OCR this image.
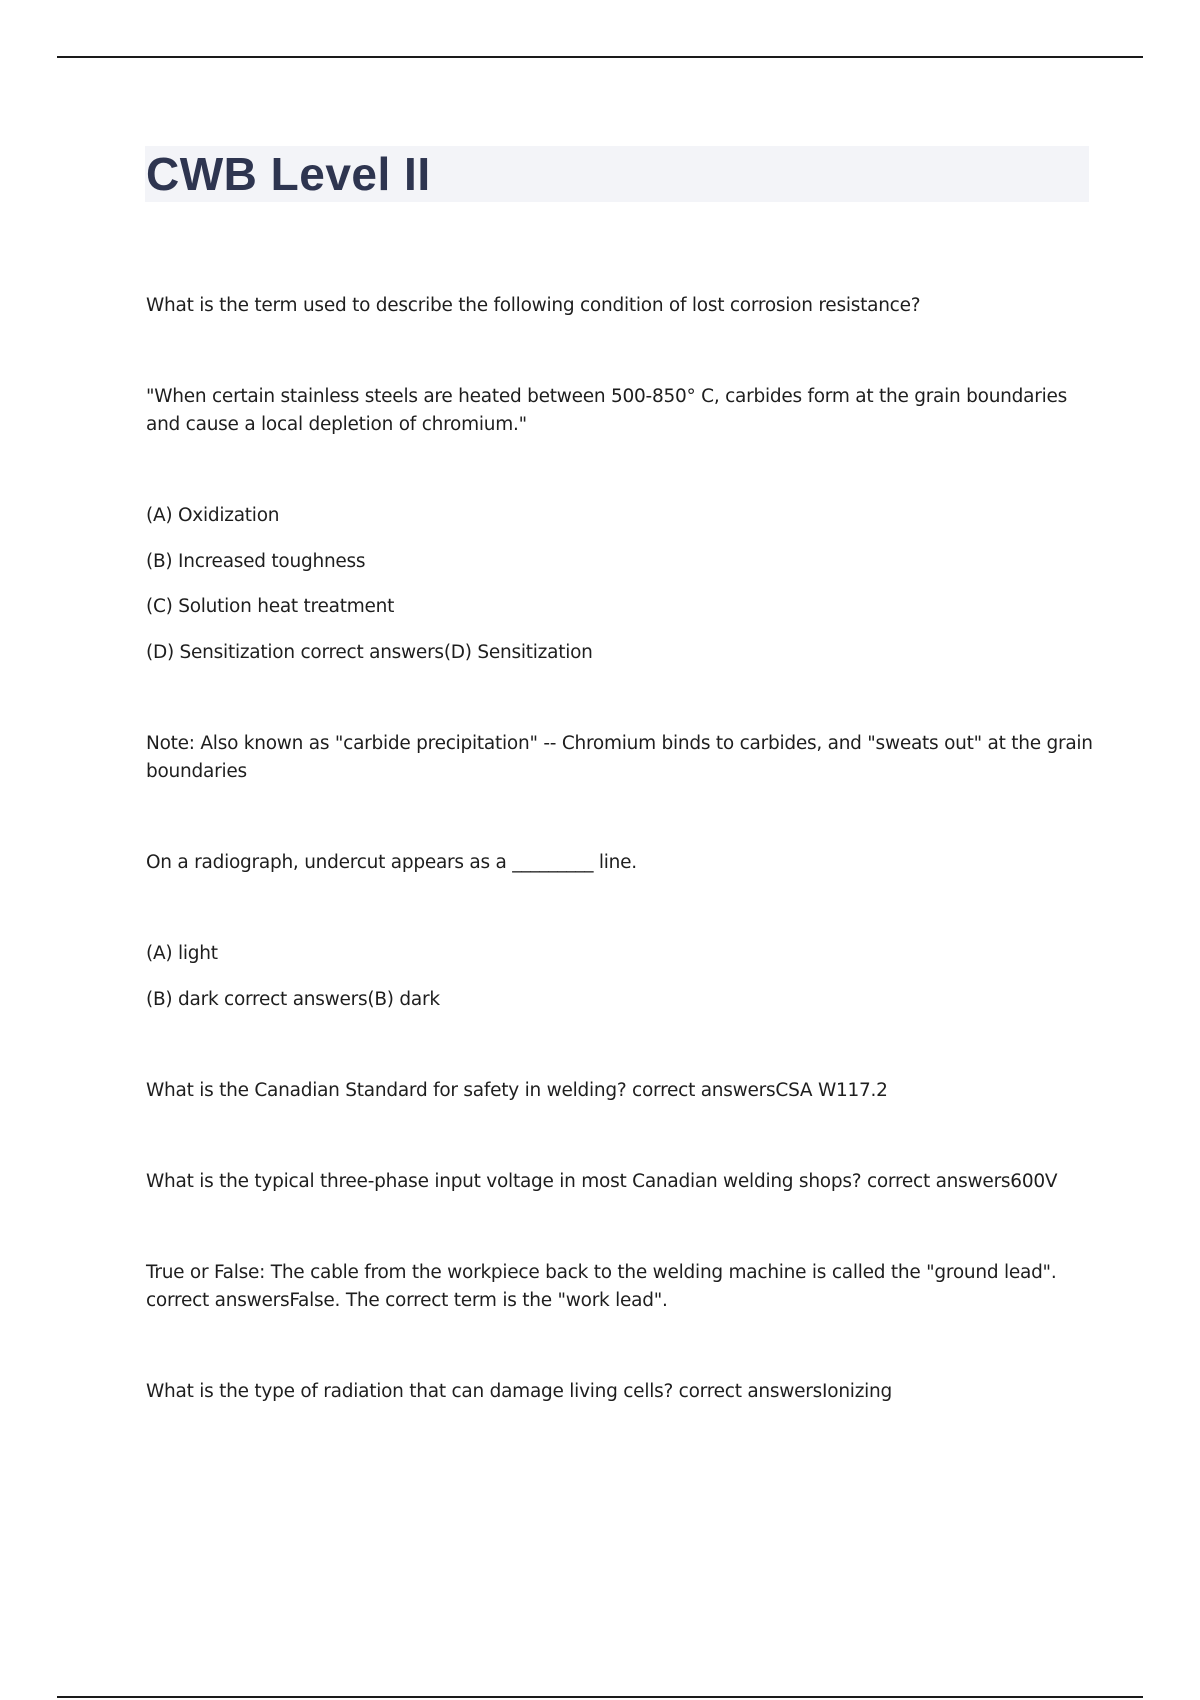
CWB Level II

What is the term used to describe the following condition of lost corrosion resistance?

"When certain stainless steels are heated between 500-850° C, carbides form at the grain boundaries and cause a local depletion of chromium."

(A) Oxidization

(B) Increased toughness

(C) Solution heat treatment

(D) Sensitization correct answers(D) Sensitization

Note: Also known as "carbide precipitation" -- Chromium binds to carbides, and "sweats out" at the grain boundaries

On a radiograph, undercut appears as a _________ line.

(A) light

(B) dark correct answers(B) dark

What is the Canadian Standard for safety in welding? correct answersCSA W117.2

What is the typical three-phase input voltage in most Canadian welding shops? correct answers600V

True or False: The cable from the workpiece back to the welding machine is called the "ground lead". correct answersFalse. The correct term is the "work lead".

What is the type of radiation that can damage living cells? correct answersIonizing
